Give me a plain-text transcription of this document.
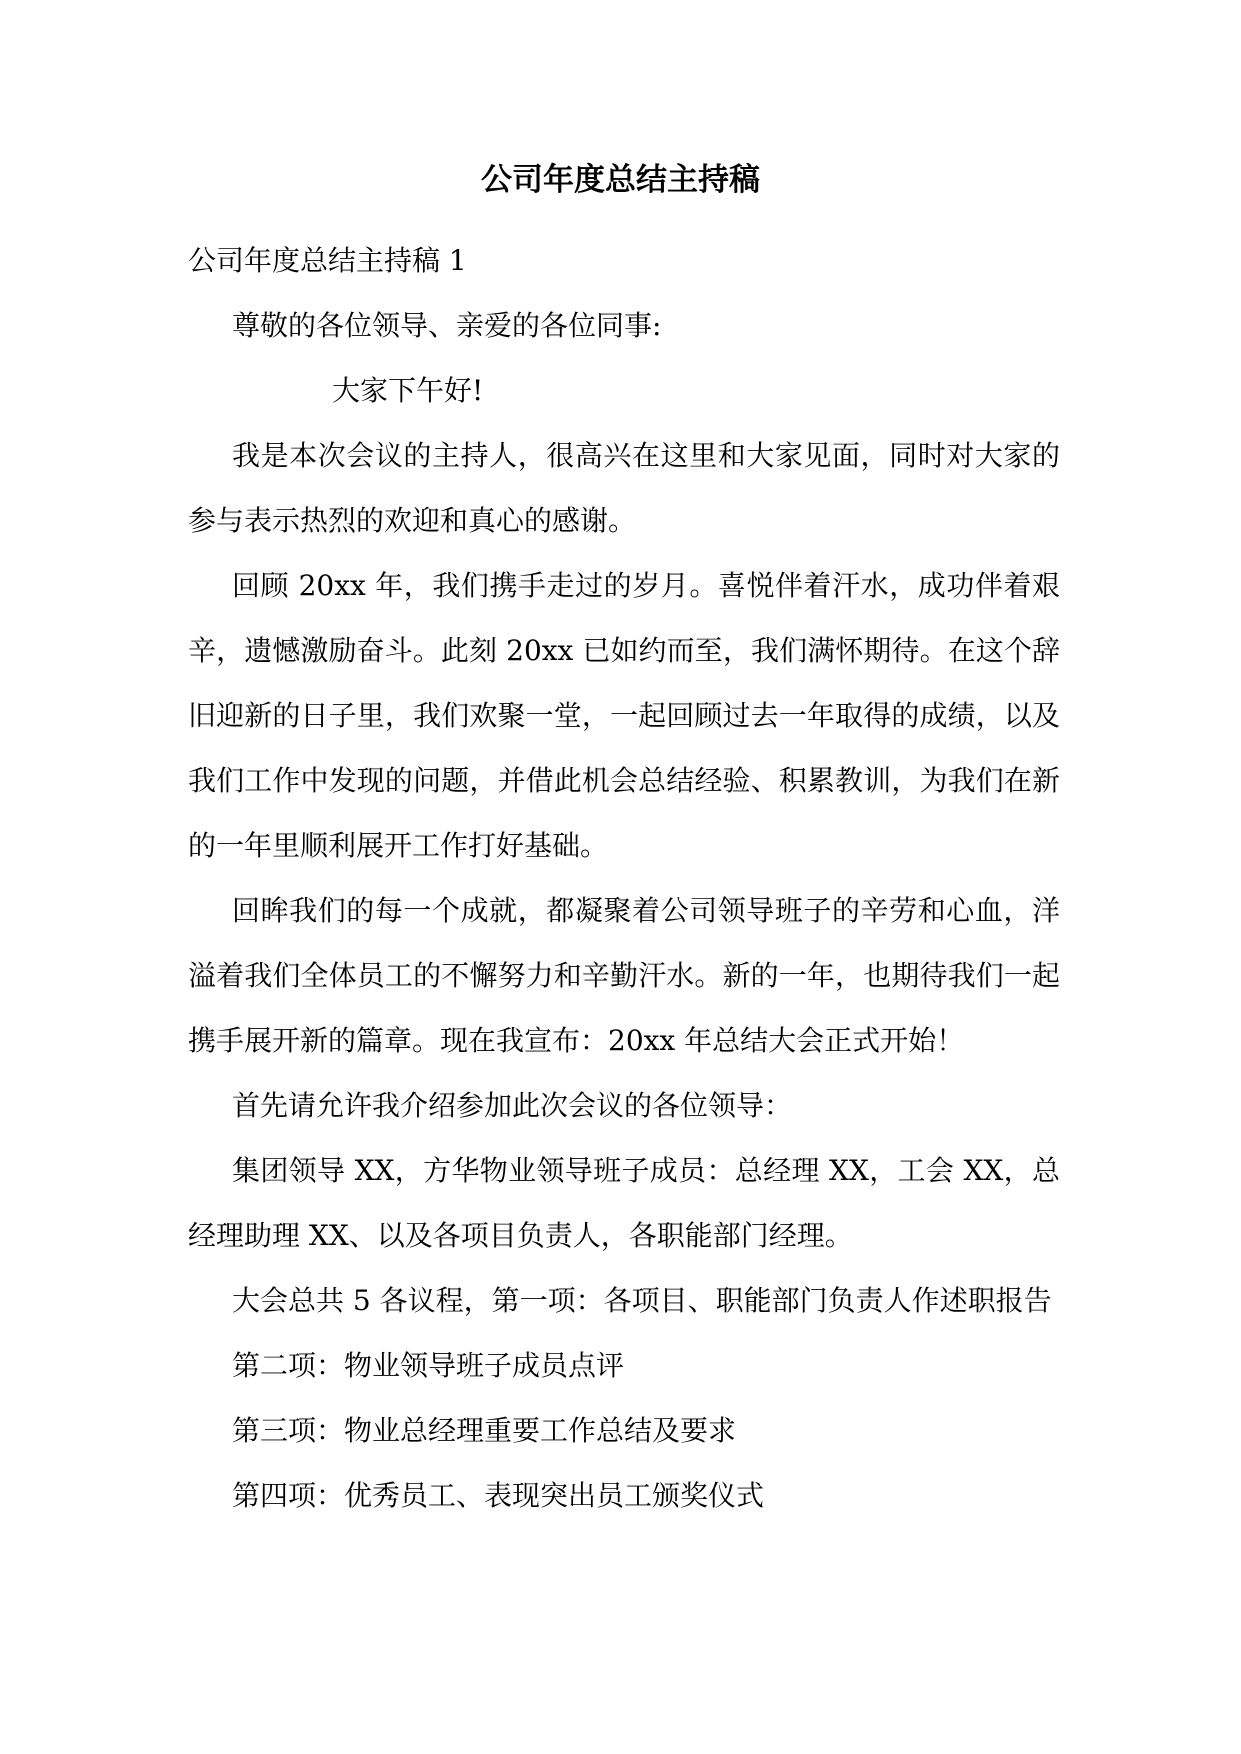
公司年度总结主持稿

公司年度总结主持稿 1

尊敬的各位领导、亲爱的各位同事:

大家下午好!

我是本次会议的主持人，很高兴在这里和大家见面，同时对大家的参与表示热烈的欢迎和真心的感谢。

回顾 20xx 年，我们携手走过的岁月。喜悦伴着汗水，成功伴着艰辛，遗憾激励奋斗。此刻 20xx 已如约而至，我们满怀期待。在这个辞旧迎新的日子里，我们欢聚一堂，一起回顾过去一年取得的成绩，以及我们工作中发现的问题，并借此机会总结经验、积累教训，为我们在新的一年里顺利展开工作打好基础。

回眸我们的每一个成就，都凝聚着公司领导班子的辛劳和心血，洋溢着我们全体员工的不懈努力和辛勤汗水。新的一年，也期待我们一起携手展开新的篇章。现在我宣布：20xx 年总结大会正式开始！

首先请允许我介绍参加此次会议的各位领导：

集团领导 XX，方华物业领导班子成员：总经理 XX，工会 XX，总经理助理 XX、以及各项目负责人，各职能部门经理。

大会总共 5 各议程，第一项：各项目、职能部门负责人作述职报告

第二项：物业领导班子成员点评

第三项：物业总经理重要工作总结及要求

第四项：优秀员工、表现突出员工颁奖仪式
